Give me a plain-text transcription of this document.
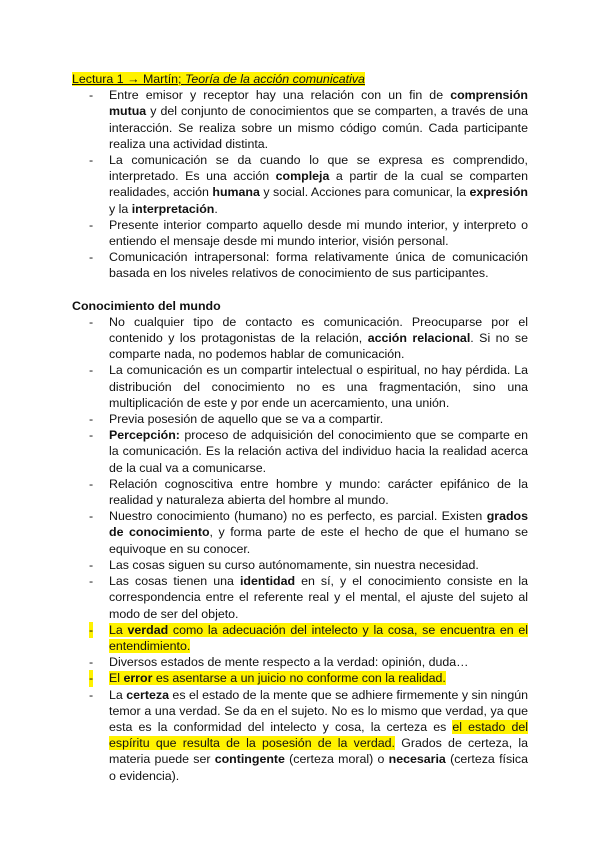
Lectura 1 → Martín; Teoría de la acción comunicativa

- Entre emisor y receptor hay una relación con un fin de comprensión mutua y del conjunto de conocimientos que se comparten, a través de una interacción. Se realiza sobre un mismo código común. Cada participante realiza una actividad distinta.
- La comunicación se da cuando lo que se expresa es comprendido, interpretado. Es una acción compleja a partir de la cual se comparten realidades, acción humana y social. Acciones para comunicar, la expresión y la interpretación.
- Presente interior comparto aquello desde mi mundo interior, y interpreto o entiendo el mensaje desde mi mundo interior, visión personal.
- Comunicación intrapersonal: forma relativamente única de comunicación basada en los niveles relativos de conocimiento de sus participantes.

Conocimiento del mundo

- No cualquier tipo de contacto es comunicación. Preocuparse por el contenido y los protagonistas de la relación, acción relacional. Si no se comparte nada, no podemos hablar de comunicación.
- La comunicación es un compartir intelectual o espiritual, no hay pérdida. La distribución del conocimiento no es una fragmentación, sino una multiplicación de este y por ende un acercamiento, una unión.
- Previa posesión de aquello que se va a compartir.
- Percepción: proceso de adquisición del conocimiento que se comparte en la comunicación. Es la relación activa del individuo hacia la realidad acerca de la cual va a comunicarse.
- Relación cognoscitiva entre hombre y mundo: carácter epifánico de la realidad y naturaleza abierta del hombre al mundo.
- Nuestro conocimiento (humano) no es perfecto, es parcial. Existen grados de conocimiento, y forma parte de este el hecho de que el humano se equivoque en su conocer.
- Las cosas siguen su curso autónomamente, sin nuestra necesidad.
- Las cosas tienen una identidad en sí, y el conocimiento consiste en la correspondencia entre el referente real y el mental, el ajuste del sujeto al modo de ser del objeto.
- La verdad como la adecuación del intelecto y la cosa, se encuentra en el entendimiento.
- Diversos estados de mente respecto a la verdad: opinión, duda…
- El error es asentarse a un juicio no conforme con la realidad.
- La certeza es el estado de la mente que se adhiere firmemente y sin ningún temor a una verdad. Se da en el sujeto. No es lo mismo que verdad, ya que esta es la conformidad del intelecto y cosa, la certeza es el estado del espíritu que resulta de la posesión de la verdad. Grados de certeza, la materia puede ser contingente (certeza moral) o necesaria (certeza física o evidencia).
